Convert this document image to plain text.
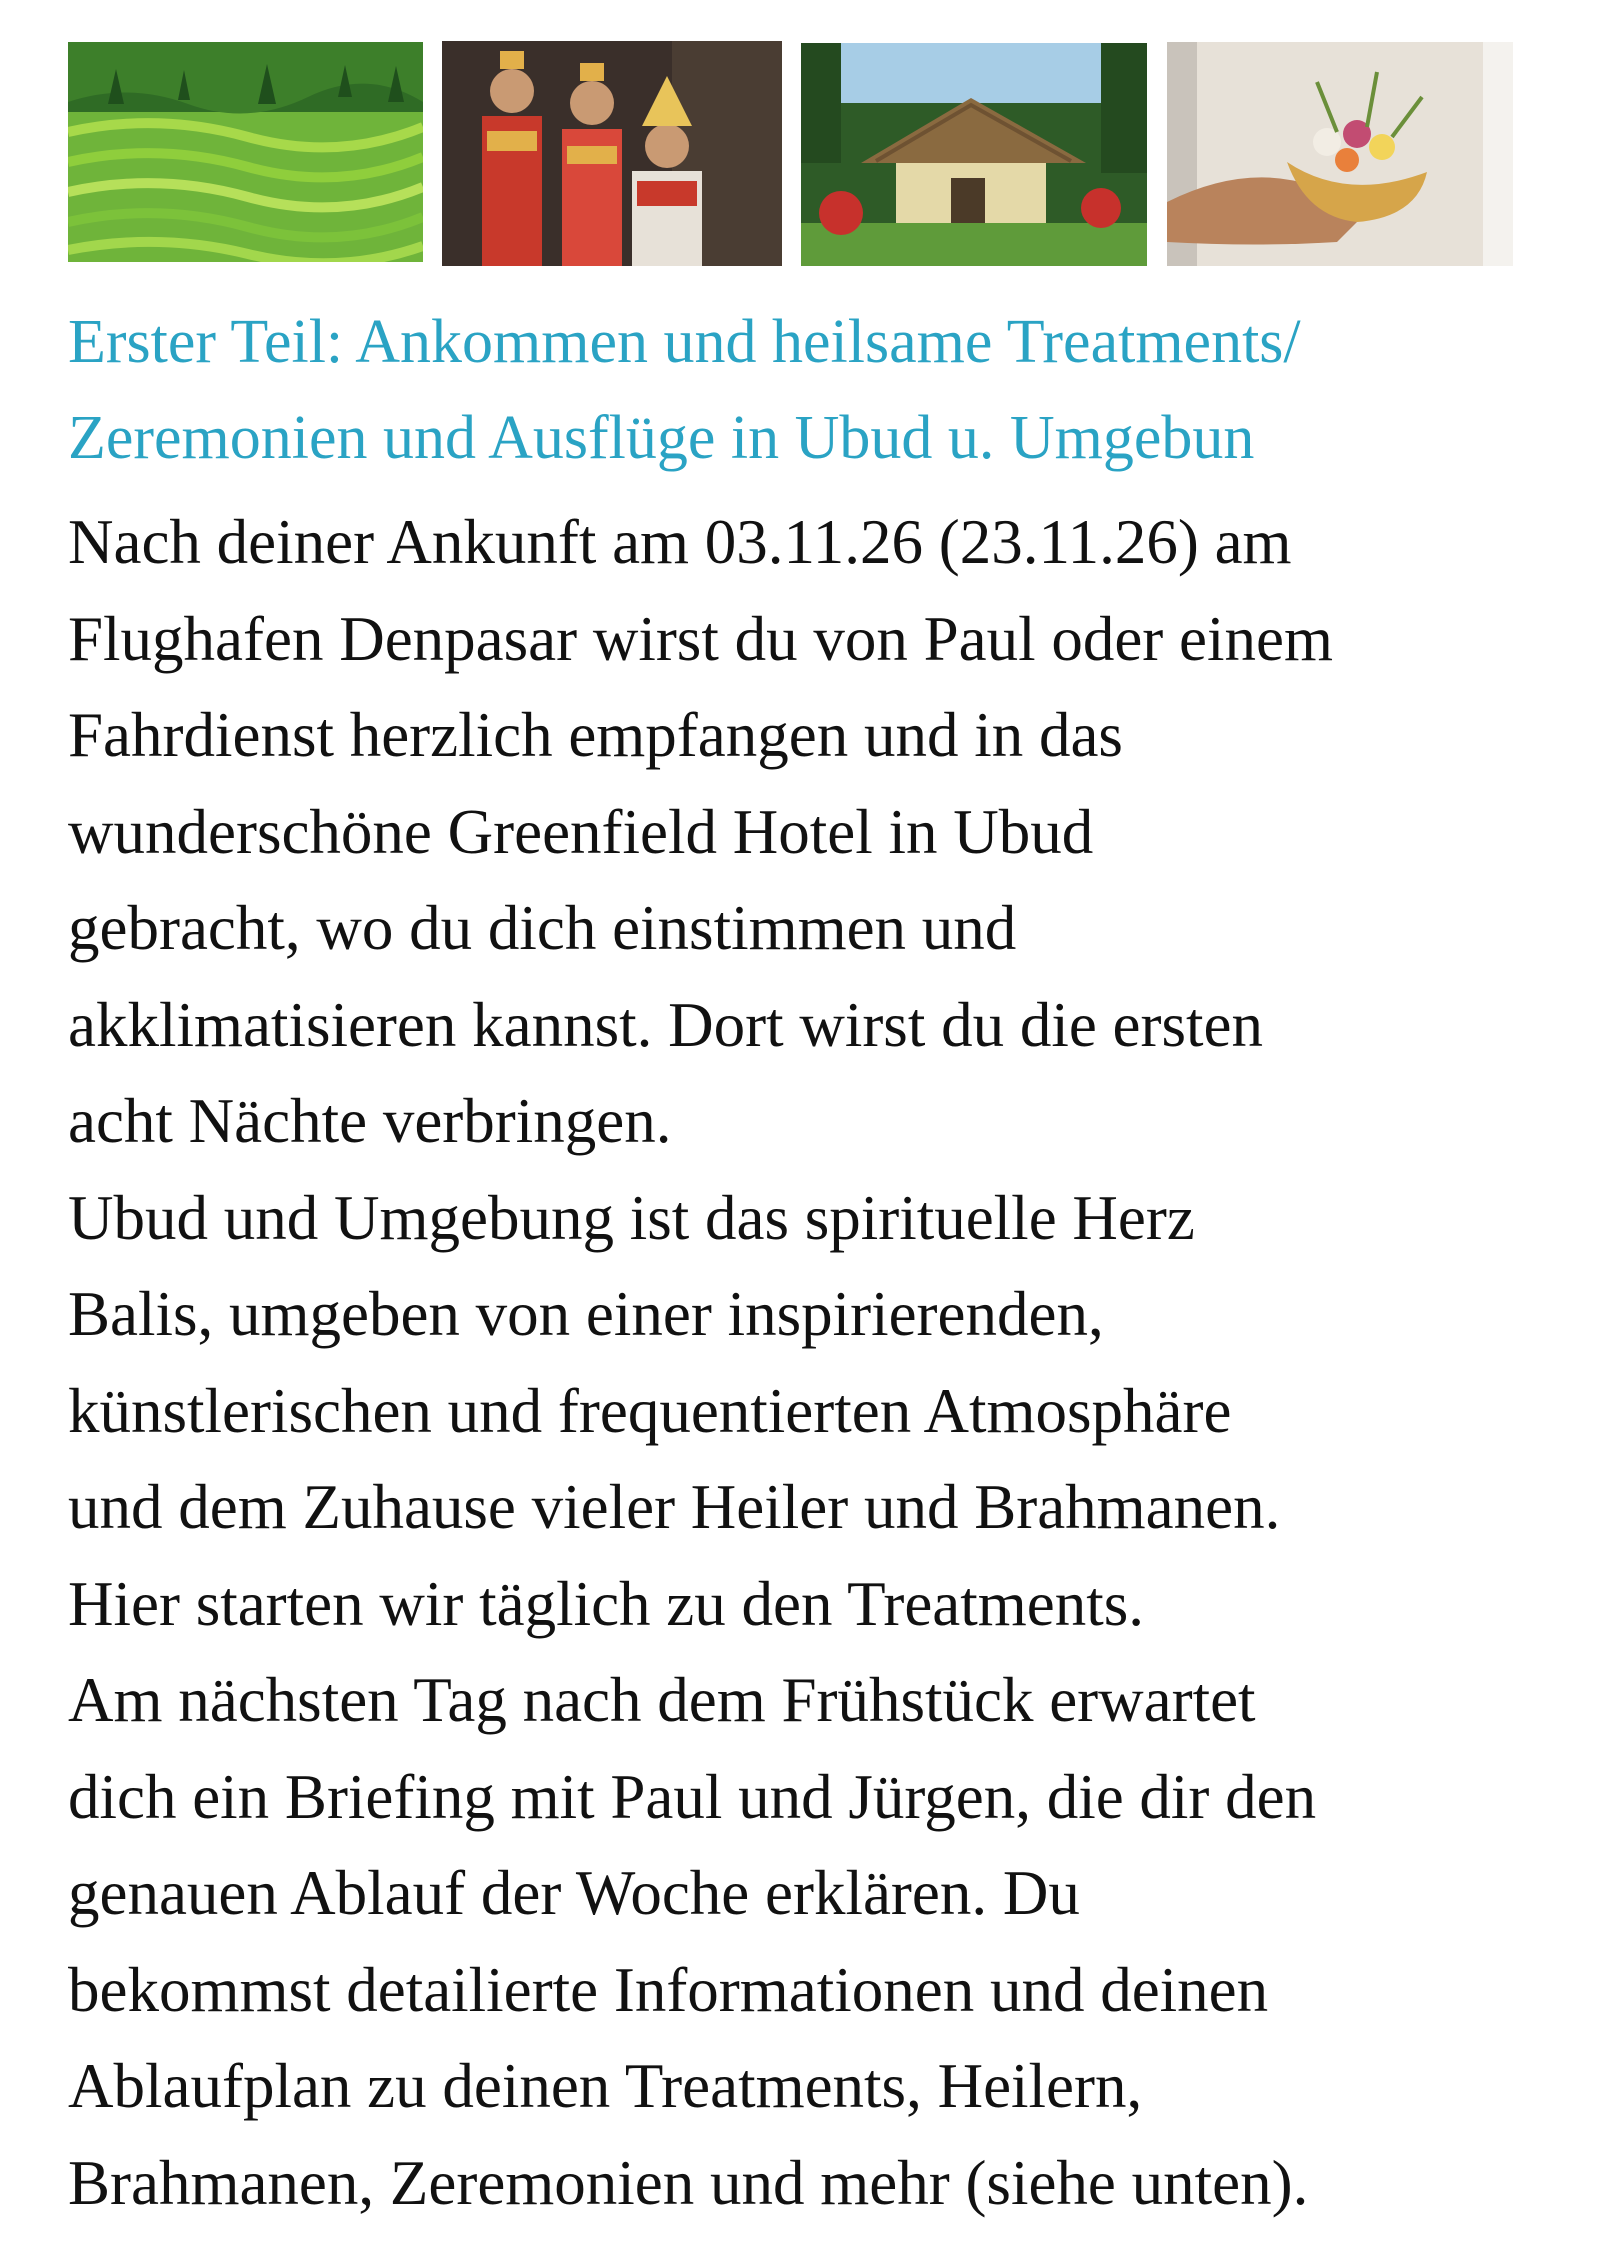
Erster Teil: Ankommen und heilsame Treatments/
Zeremonien und Ausflüge in Ubud u. Umgebun
Nach deiner Ankunft am 03.11.26 (23.11.26) am
Flughafen Denpasar wirst du von Paul oder einem
Fahrdienst herzlich empfangen und in das
wunderschöne Greenfield Hotel in Ubud
gebracht, wo du dich einstimmen und
akklimatisieren kannst. Dort wirst du die ersten
acht Nächte verbringen.
Ubud und Umgebung ist das spirituelle Herz
Balis, umgeben von einer inspirierenden,
künstlerischen und frequentierten Atmosphäre
und dem Zuhause vieler Heiler und Brahmanen.
Hier starten wir täglich zu den Treatments.
Am nächsten Tag nach dem Frühstück erwartet
dich ein Briefing mit Paul und Jürgen, die dir den
genauen Ablauf der Woche erklären. Du
bekommst detailierte Informationen und deinen
Ablaufplan zu deinen Treatments, Heilern,
Brahmanen, Zeremonien und mehr (siehe unten).
